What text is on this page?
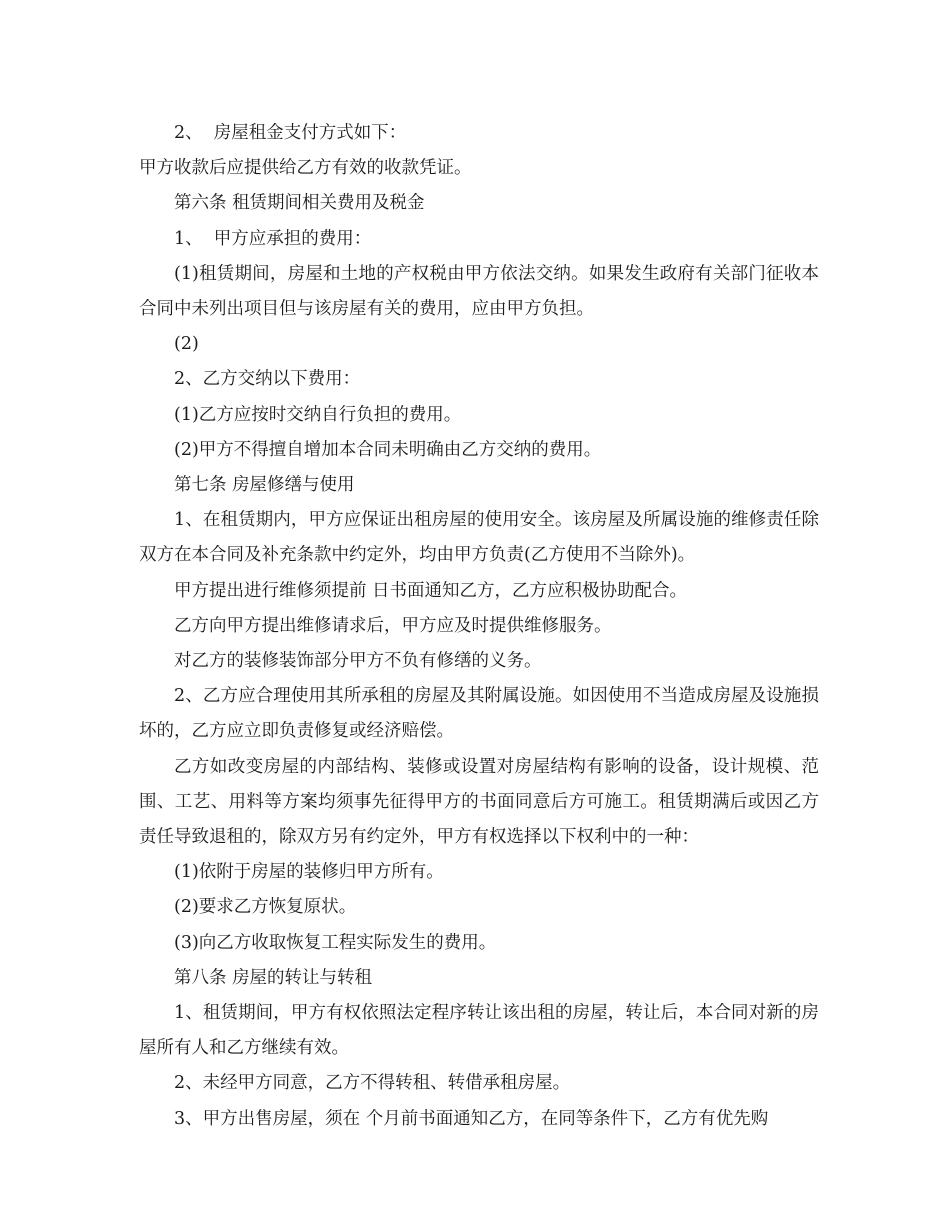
2、  房屋租金支付方式如下：

甲方收款后应提供给乙方有效的收款凭证。

第六条 租赁期间相关费用及税金

1、  甲方应承担的费用：

(1)租赁期间，房屋和土地的产权税由甲方依法交纳。如果发生政府有关部门征收本合同中未列出项目但与该房屋有关的费用，应由甲方负担。

(2)

2、乙方交纳以下费用：

(1)乙方应按时交纳自行负担的费用。

(2)甲方不得擅自增加本合同未明确由乙方交纳的费用。

第七条 房屋修缮与使用

1、在租赁期内，甲方应保证出租房屋的使用安全。该房屋及所属设施的维修责任除双方在本合同及补充条款中约定外，均由甲方负责(乙方使用不当除外)。

甲方提出进行维修须提前 日书面通知乙方，乙方应积极协助配合。

乙方向甲方提出维修请求后，甲方应及时提供维修服务。

对乙方的装修装饰部分甲方不负有修缮的义务。

2、乙方应合理使用其所承租的房屋及其附属设施。如因使用不当造成房屋及设施损坏的，乙方应立即负责修复或经济赔偿。

乙方如改变房屋的内部结构、装修或设置对房屋结构有影响的设备，设计规模、范围、工艺、用料等方案均须事先征得甲方的书面同意后方可施工。租赁期满后或因乙方责任导致退租的，除双方另有约定外，甲方有权选择以下权利中的一种：

(1)依附于房屋的装修归甲方所有。

(2)要求乙方恢复原状。

(3)向乙方收取恢复工程实际发生的费用。

第八条 房屋的转让与转租

1、租赁期间，甲方有权依照法定程序转让该出租的房屋，转让后，本合同对新的房屋所有人和乙方继续有效。

2、未经甲方同意，乙方不得转租、转借承租房屋。

3、甲方出售房屋，须在 个月前书面通知乙方，在同等条件下，乙方有优先购
